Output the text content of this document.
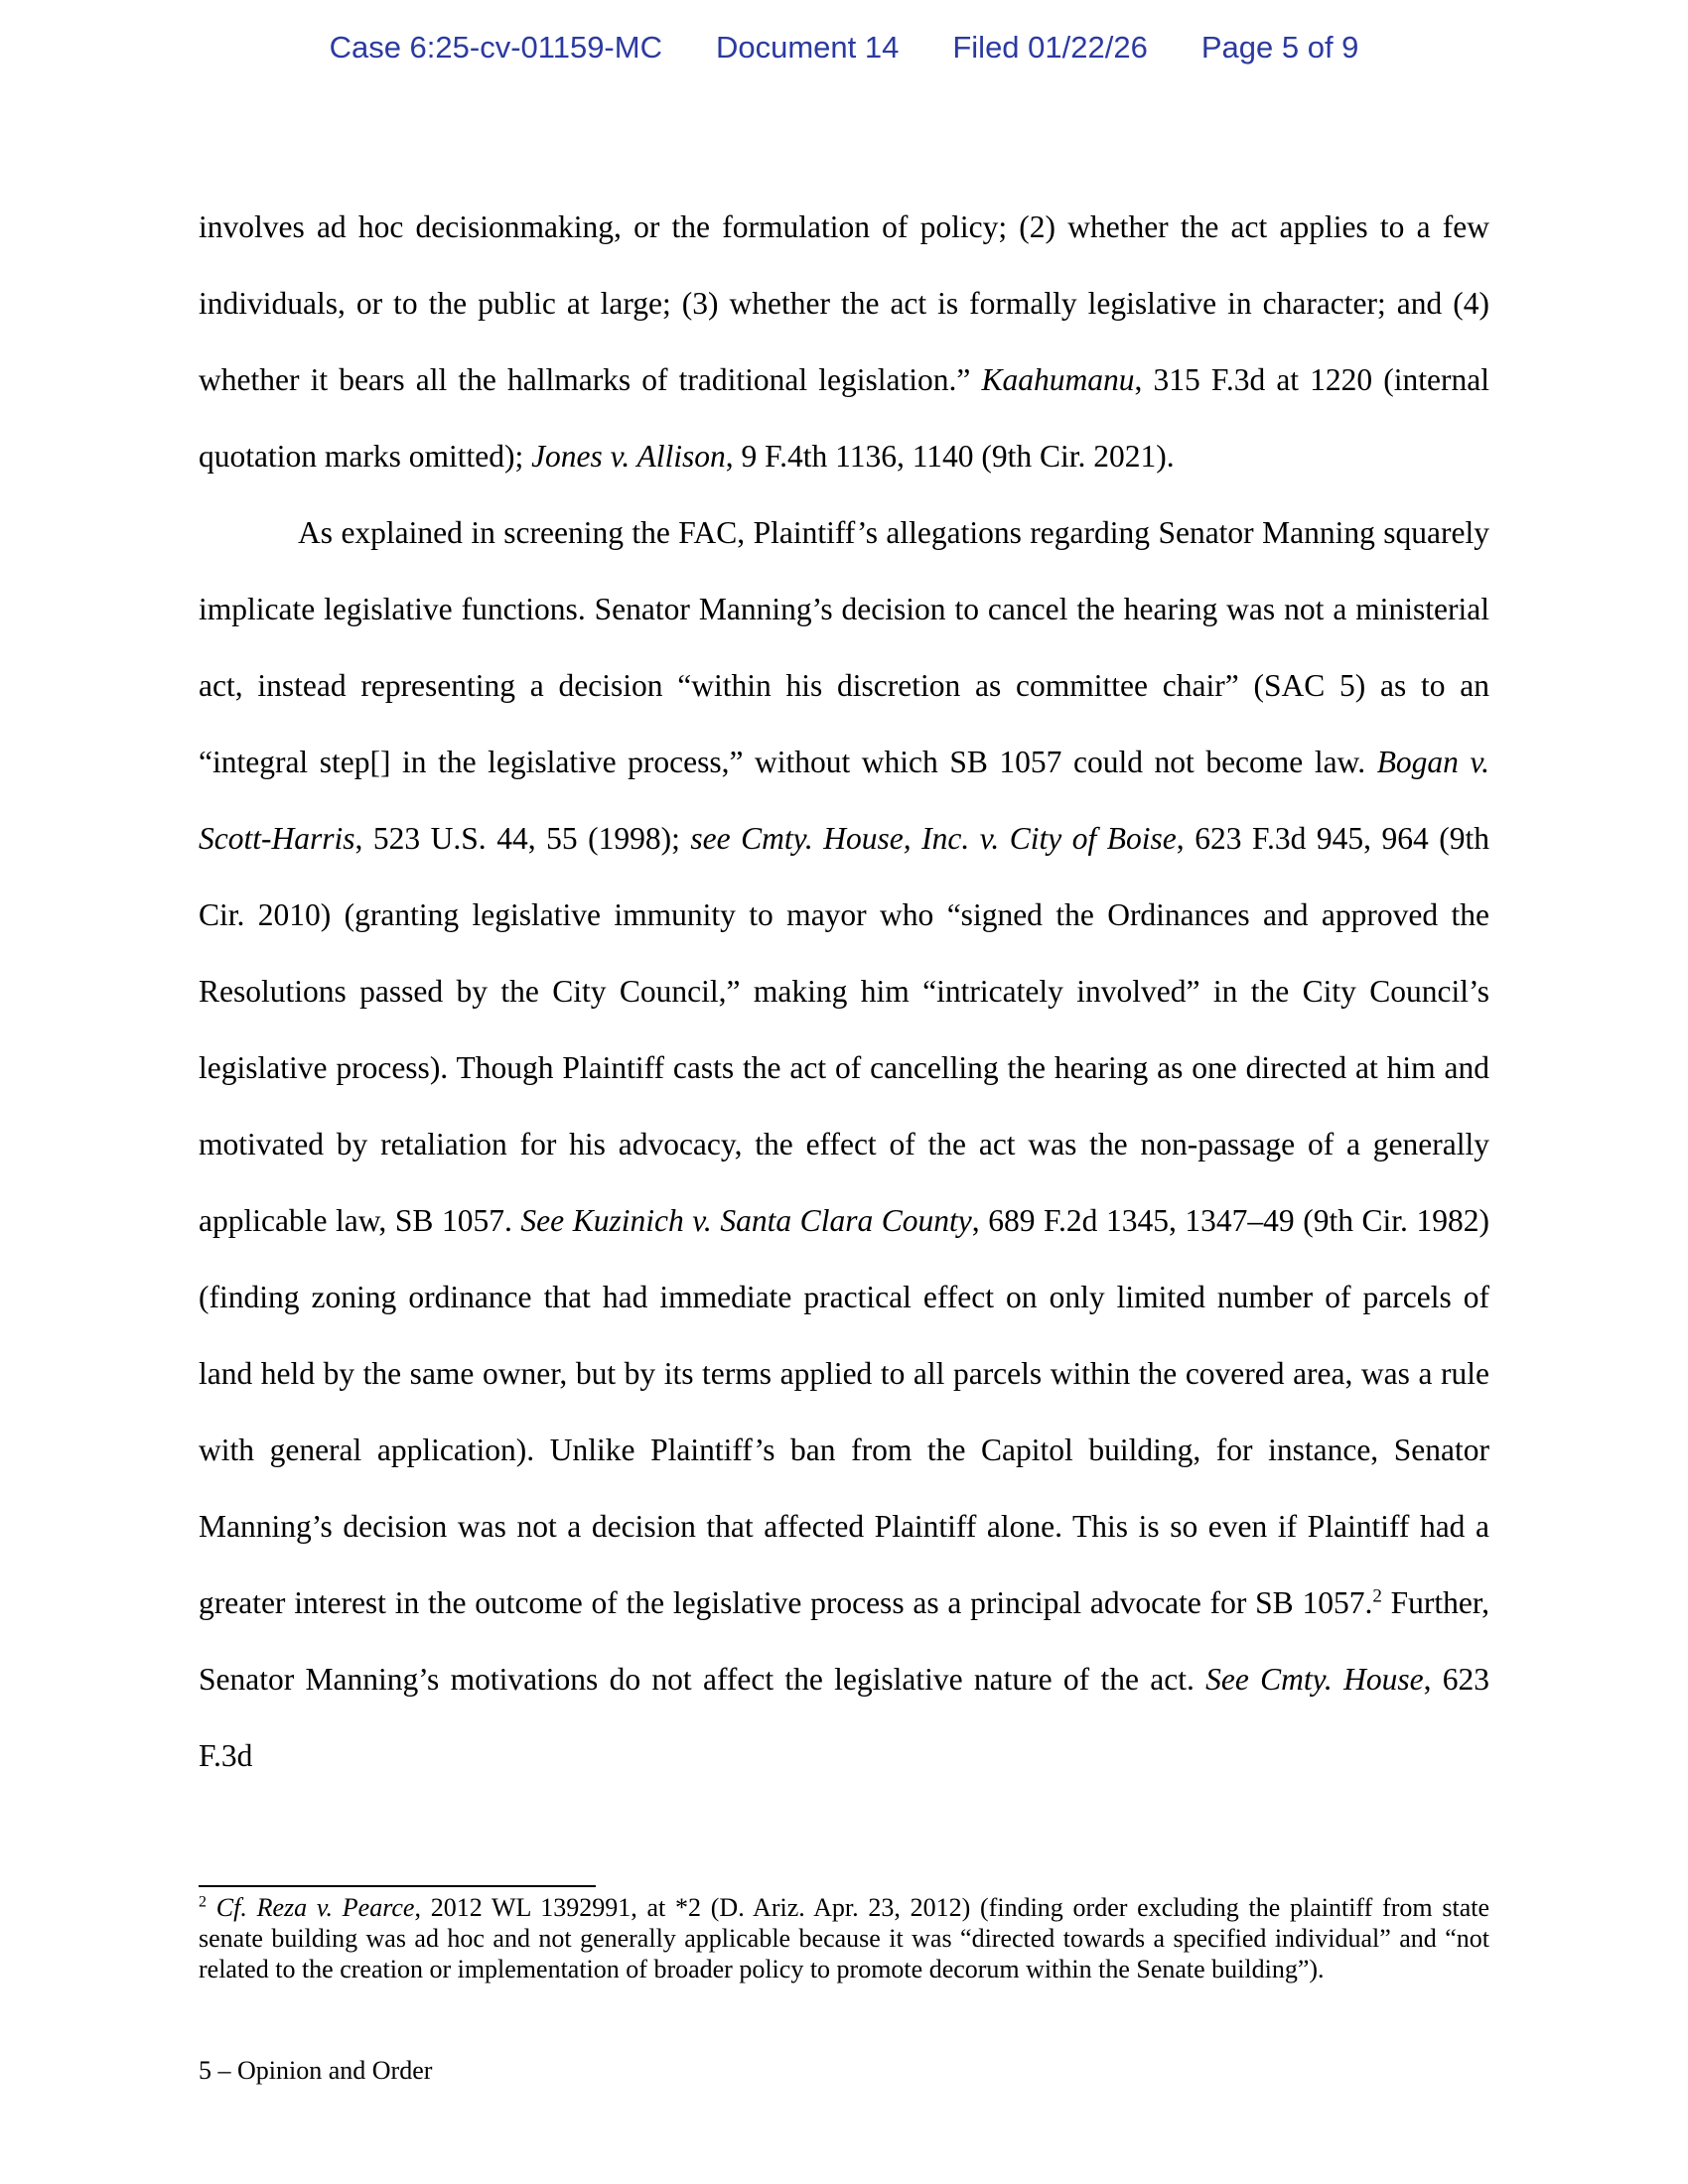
Case 6:25-cv-01159-MC Document 14 Filed 01/22/26 Page 5 of 9

involves ad hoc decisionmaking, or the formulation of policy; (2) whether the act applies to a few individuals, or to the public at large; (3) whether the act is formally legislative in character; and (4) whether it bears all the hallmarks of traditional legislation.” Kaahumanu, 315 F.3d at 1220 (internal quotation marks omitted); Jones v. Allison, 9 F.4th 1136, 1140 (9th Cir. 2021).

As explained in screening the FAC, Plaintiff’s allegations regarding Senator Manning squarely implicate legislative functions. Senator Manning’s decision to cancel the hearing was not a ministerial act, instead representing a decision “within his discretion as committee chair” (SAC 5) as to an “integral step[] in the legislative process,” without which SB 1057 could not become law. Bogan v. Scott-Harris, 523 U.S. 44, 55 (1998); see Cmty. House, Inc. v. City of Boise, 623 F.3d 945, 964 (9th Cir. 2010) (granting legislative immunity to mayor who “signed the Ordinances and approved the Resolutions passed by the City Council,” making him “intricately involved” in the City Council’s legislative process). Though Plaintiff casts the act of cancelling the hearing as one directed at him and motivated by retaliation for his advocacy, the effect of the act was the non-passage of a generally applicable law, SB 1057. See Kuzinich v. Santa Clara County, 689 F.2d 1345, 1347–49 (9th Cir. 1982) (finding zoning ordinance that had immediate practical effect on only limited number of parcels of land held by the same owner, but by its terms applied to all parcels within the covered area, was a rule with general application). Unlike Plaintiff’s ban from the Capitol building, for instance, Senator Manning’s decision was not a decision that affected Plaintiff alone. This is so even if Plaintiff had a greater interest in the outcome of the legislative process as a principal advocate for SB 1057.$^2$ Further, Senator Manning’s motivations do not affect the legislative nature of the act. See Cmty. House, 623 F.3d

$^2$ Cf. Reza v. Pearce, 2012 WL 1392991, at *2 (D. Ariz. Apr. 23, 2012) (finding order excluding the plaintiff from state senate building was ad hoc and not generally applicable because it was “directed towards a specified individual” and “not related to the creation or implementation of broader policy to promote decorum within the Senate building”).

5 – Opinion and Order
